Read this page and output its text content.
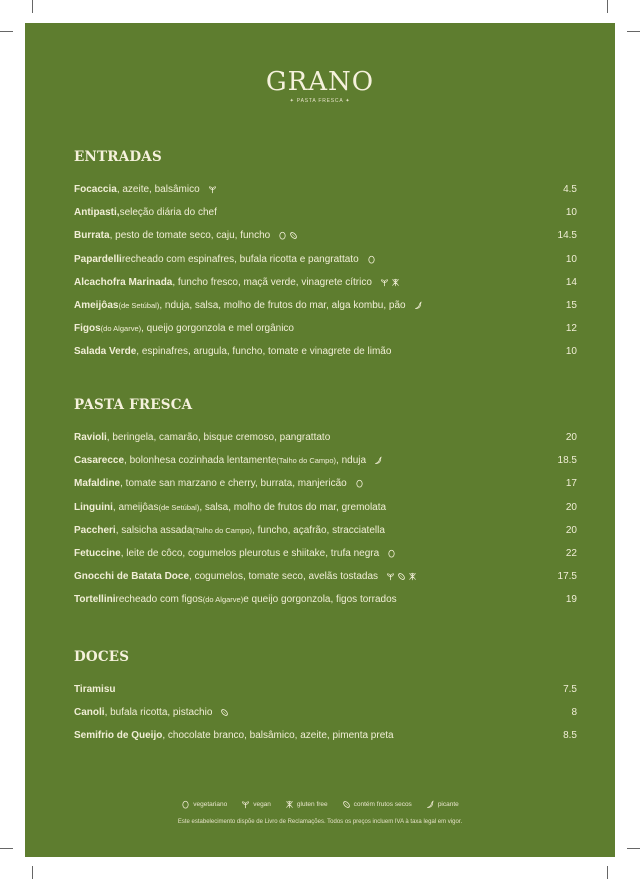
GRANO
✦ PASTA FRESCA ✦
ENTRADAS
Focaccia , azeite, balsâmico	4.5
Antipasti, seleção diária do chef	10
Burrata , pesto de tomate seco, caju, funcho	14.5
Papardelli recheado com espinafres, bufala ricotta e pangrattato	10
Alcachofra Marinada , funcho fresco, maçã verde, vinagrete cítrico	14
Ameijôas (de Setúbal) , nduja, salsa, molho de frutos do mar, alga kombu, pão	15
Figos (do Algarve) , queijo gorgonzola e mel orgânico	12
Salada Verde , espinafres, arugula, funcho, tomate e vinagrete de limão	10
PASTA FRESCA
Ravioli , beringela, camarão, bisque cremoso, pangrattato	20
Casarecce , bolonhesa cozinhada lentamente (Talho do Campo) , nduja	18.5
Mafaldine , tomate san marzano e cherry, burrata, manjericão	17
Linguini , ameijôas (de Setúbal) , salsa, molho de frutos do mar, gremolata	20
Paccheri , salsicha assada (Talho do Campo) , funcho, açafrão, stracciatella	20
Fetuccine , leite de côco, cogumelos pleurotus e shiitake, trufa negra	22
Gnocchi de Batata Doce , cogumelos, tomate seco, avelãs tostadas	17.5
Tortellini recheado com figos (do Algarve) e queijo gorgonzola, figos torrados	19
DOCES
Tiramisu	7.5
Canoli , bufala ricotta, pistachio	8
Semifrio de Queijo , chocolate branco, balsâmico, azeite, pimenta preta	8.5
vegetariano	vegan	gluten free	contém frutos secos	picante
Este estabelecimento dispõe de Livro de Reclamações. Todos os preços incluem IVA à taxa legal em vigor.
